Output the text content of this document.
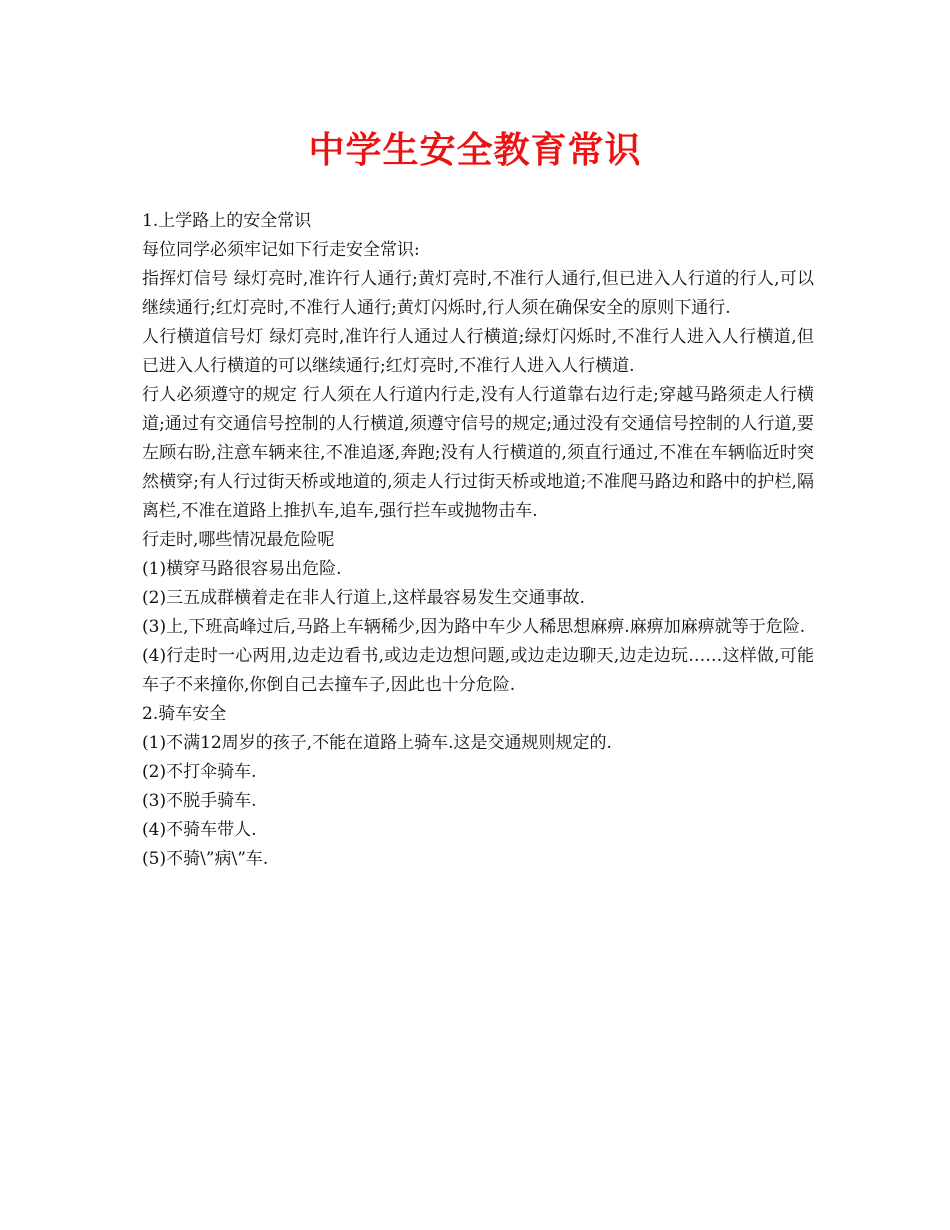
中学生安全教育常识

1.上学路上的安全常识

每位同学必须牢记如下行走安全常识:

指挥灯信号 绿灯亮时,准许行人通行;黄灯亮时,不准行人通行,但已进入人行道的行人,可以继续通行;红灯亮时,不准行人通行;黄灯闪烁时,行人须在确保安全的原则下通行.

人行横道信号灯 绿灯亮时,准许行人通过人行横道;绿灯闪烁时,不准行人进入人行横道,但已进入人行横道的可以继续通行;红灯亮时,不准行人进入人行横道.

行人必须遵守的规定 行人须在人行道内行走,没有人行道靠右边行走;穿越马路须走人行横道;通过有交通信号控制的人行横道,须遵守信号的规定;通过没有交通信号控制的人行道,要左顾右盼,注意车辆来往,不准追逐,奔跑;没有人行横道的,须直行通过,不准在车辆临近时突然横穿;有人行过街天桥或地道的,须走人行过街天桥或地道;不准爬马路边和路中的护栏,隔离栏,不准在道路上推扒车,追车,强行拦车或抛物击车.

行走时,哪些情况最危险呢

(1)横穿马路很容易出危险.

(2)三五成群横着走在非人行道上,这样最容易发生交通事故.

(3)上,下班高峰过后,马路上车辆稀少,因为路中车少人稀思想麻痹.麻痹加麻痹就等于危险.

(4)行走时一心两用,边走边看书,或边走边想问题,或边走边聊天,边走边玩……这样做,可能车子不来撞你,你倒自己去撞车子,因此也十分危险.

2.骑车安全

(1)不满12周岁的孩子,不能在道路上骑车.这是交通规则规定的.

(2)不打伞骑车.

(3)不脱手骑车.

(4)不骑车带人.

(5)不骑\”病\”车.
